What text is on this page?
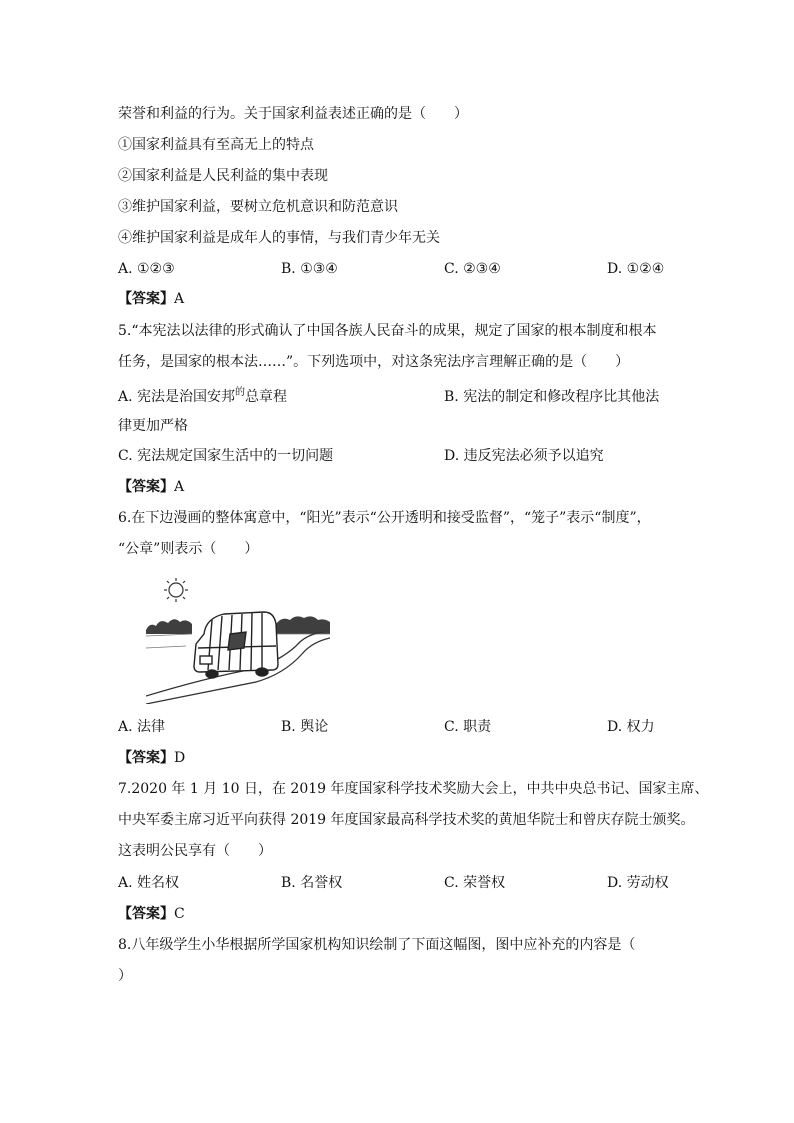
荣誉和利益的行为。关于国家利益表述正确的是（　　）
①国家利益具有至高无上的特点
②国家利益是人民利益的集中表现
③维护国家利益，要树立危机意识和防范意识
④维护国家利益是成年人的事情，与我们青少年无关
A. ①②③	B. ①③④	C. ②③④	D. ①②④
【答案】A
5.“本宪法以法律的形式确认了中国各族人民奋斗的成果，规定了国家的根本制度和根本
任务，是国家的根本法……”。下列选项中，对这条宪法序言理解正确的是（　　）
A. 宪法是治国安邦$^的$总章程	B. 宪法的制定和修改程序比其他法
律更加严格
C. 宪法规定国家生活中的一切问题	D. 违反宪法必须予以追究
【答案】A
6.在下边漫画的整体寓意中，“阳光”表示“公开透明和接受监督”，“笼子”表示“制度”，
“公章”则表示（　　）
A. 法律	B. 舆论	C. 职责	D. 权力
【答案】D
7.2020 年 1 月 10 日，在 2019 年度国家科学技术奖励大会上，中共中央总书记、国家主席、
中央军委主席习近平向获得 2019 年度国家最高科学技术奖的黄旭华院士和曾庆存院士颁奖。
这表明公民享有（　　）
A. 姓名权	B. 名誉权	C. 荣誉权	D. 劳动权
【答案】C
8.八年级学生小华根据所学国家机构知识绘制了下面这幅图，图中应补充的内容是（
）
